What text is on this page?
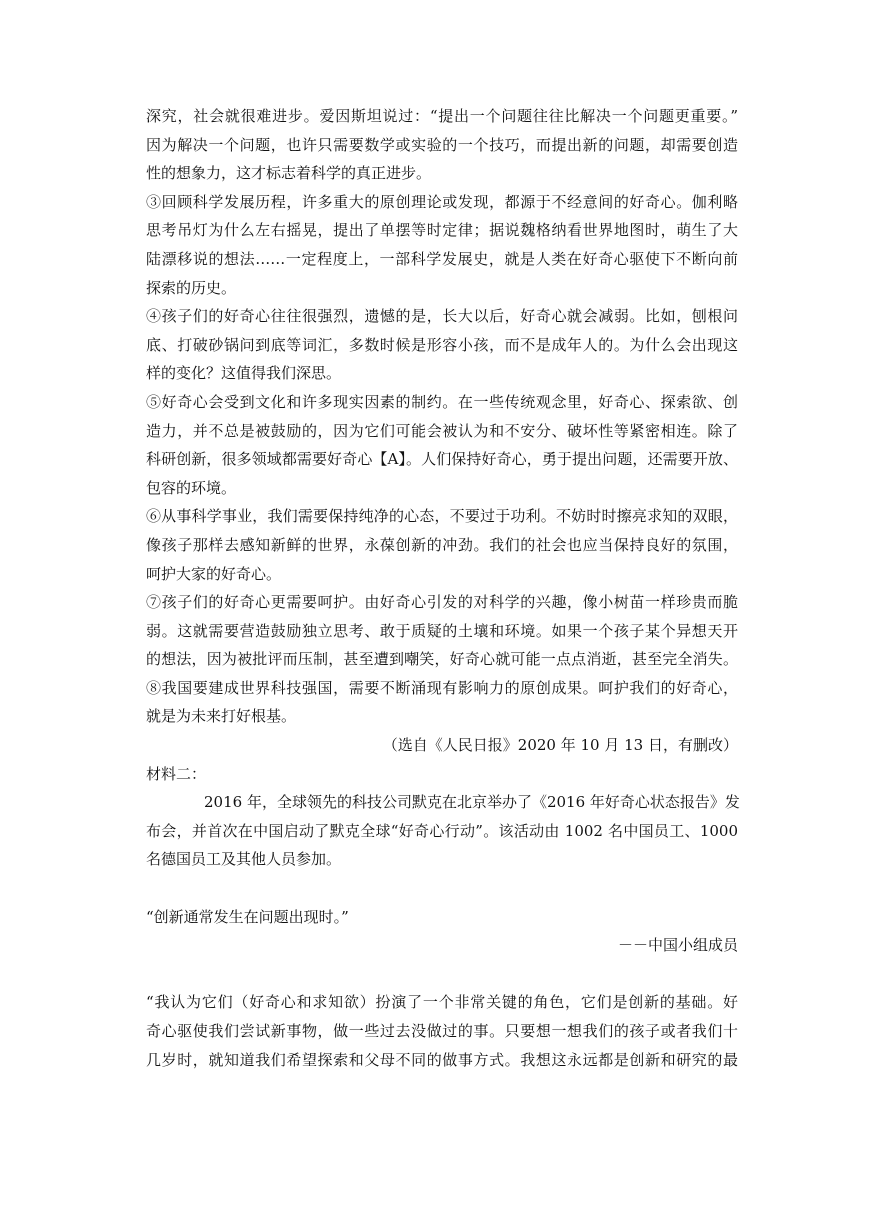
深究，社会就很难进步。爱因斯坦说过：“提出一个问题往往比解决一个问题更重要。”
因为解决一个问题，也许只需要数学或实验的一个技巧，而提出新的问题，却需要创造
性的想象力，这才标志着科学的真正进步。
③回顾科学发展历程，许多重大的原创理论或发现，都源于不经意间的好奇心。伽利略
思考吊灯为什么左右摇晃，提出了单摆等时定律；据说魏格纳看世界地图时，萌生了大
陆漂移说的想法……一定程度上，一部科学发展史，就是人类在好奇心驱使下不断向前
探索的历史。
④孩子们的好奇心往往很强烈，遗憾的是，长大以后，好奇心就会减弱。比如，刨根问
底、打破砂锅问到底等词汇，多数时候是形容小孩，而不是成年人的。为什么会出现这
样的变化？这值得我们深思。
⑤好奇心会受到文化和许多现实因素的制约。在一些传统观念里，好奇心、探索欲、创
造力，并不总是被鼓励的，因为它们可能会被认为和不安分、破坏性等紧密相连。除了
科研创新，很多领域都需要好奇心【A】。人们保持好奇心，勇于提出问题，还需要开放、
包容的环境。
⑥从事科学事业，我们需要保持纯净的心态，不要过于功利。不妨时时擦亮求知的双眼，
像孩子那样去感知新鲜的世界，永葆创新的冲劲。我们的社会也应当保持良好的氛围，
呵护大家的好奇心。
⑦孩子们的好奇心更需要呵护。由好奇心引发的对科学的兴趣，像小树苗一样珍贵而脆
弱。这就需要营造鼓励独立思考、敢于质疑的土壤和环境。如果一个孩子某个异想天开
的想法，因为被批评而压制，甚至遭到嘲笑，好奇心就可能一点点消逝，甚至完全消失。
⑧我国要建成世界科技强国，需要不断涌现有影响力的原创成果。呵护我们的好奇心，
就是为未来打好根基。
（选自《人民日报》2020 年 10 月 13 日，有删改）
材料二：
2016 年，全球领先的科技公司默克在北京举办了《2016 年好奇心状态报告》发
布会，并首次在中国启动了默克全球“好奇心行动”。该活动由 1002 名中国员工、1000
名德国员工及其他人员参加。
“创新通常发生在问题出现时。”
－－中国小组成员
“我认为它们（好奇心和求知欲）扮演了一个非常关键的角色，它们是创新的基础。好
奇心驱使我们尝试新事物，做一些过去没做过的事。只要想一想我们的孩子或者我们十
几岁时，就知道我们希望探索和父母不同的做事方式。我想这永远都是创新和研究的最
